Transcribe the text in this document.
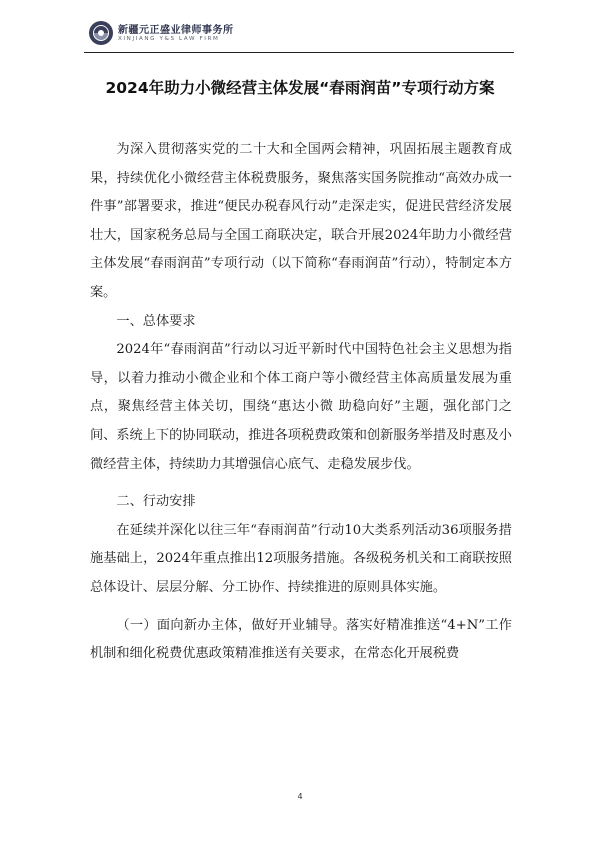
新疆元正盛业律师事务所
XINJIANG Y&S LAW FIRM
2024年助力小微经营主体发展“春雨润苗”专项行动方案

为深入贯彻落实党的二十大和全国两会精神，巩固拓展主题教育成果，持续优化小微经营主体税费服务，聚焦落实国务院推动“高效办成一件事”部署要求，推进“便民办税春风行动”走深走实，促进民营经济发展壮大，国家税务总局与全国工商联决定，联合开展2024年助力小微经营主体发展“春雨润苗”专项行动（以下简称“春雨润苗”行动），特制定本方案。

一、总体要求

2024年“春雨润苗”行动以习近平新时代中国特色社会主义思想为指导，以着力推动小微企业和个体工商户等小微经营主体高质量发展为重点，聚焦经营主体关切，围绕“惠达小微 助稳向好”主题，强化部门之间、系统上下的协同联动，推进各项税费政策和创新服务举措及时惠及小微经营主体，持续助力其增强信心底气、走稳发展步伐。

二、行动安排

在延续并深化以往三年“春雨润苗”行动10大类系列活动36项服务措施基础上，2024年重点推出12项服务措施。各级税务机关和工商联按照总体设计、层层分解、分工协作、持续推进的原则具体实施。

（一）面向新办主体，做好开业辅导。落实好精准推送“4+N”工作机制和细化税费优惠政策精准推送有关要求，在常态化开展税费

4
